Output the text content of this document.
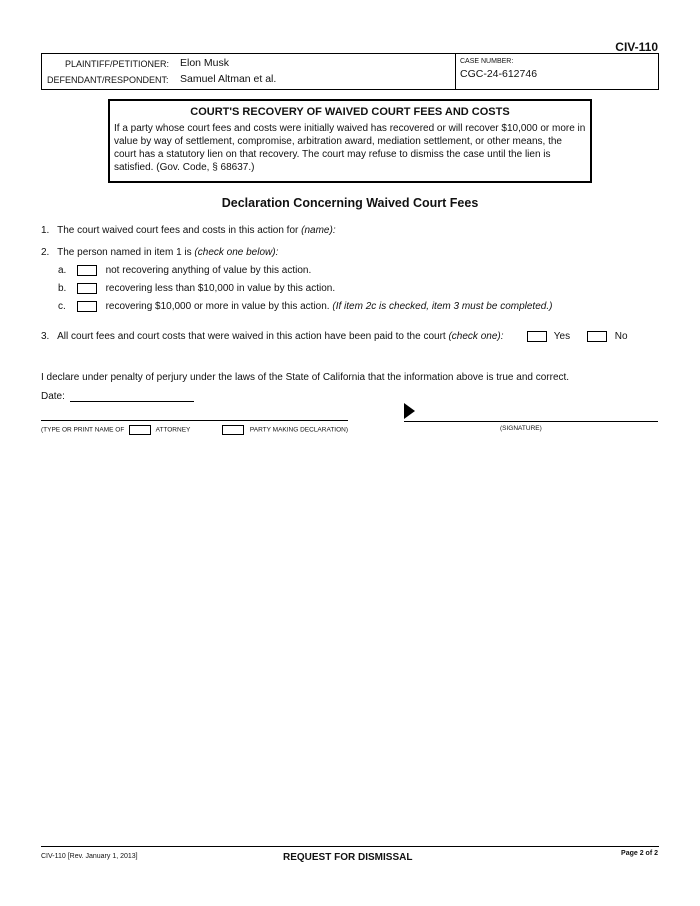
CIV-110
PLAINTIFF/PETITIONER: Elon Musk
DEFENDANT/RESPONDENT: Samuel Altman et al.
CASE NUMBER:
CGC-24-612746
COURT'S RECOVERY OF WAIVED COURT FEES AND COSTS
If a party whose court fees and costs were initially waived has recovered or will recover $10,000 or more in value by way of settlement, compromise, arbitration award, mediation settlement, or other means, the court has a statutory lien on that recovery. The court may refuse to dismiss the case until the lien is satisfied. (Gov. Code, § 68637.)
Declaration Concerning Waived Court Fees
1. The court waived court fees and costs in this action for (name):
2. The person named in item 1 is (check one below):
a.	not recovering anything of value by this action.
b.	recovering less than $10,000 in value by this action.
c.	recovering $10,000 or more in value by this action. (If item 2c is checked, item 3 must be completed.)
3. All court fees and court costs that were waived in this action have been paid to the court (check one):	Yes	No
I declare under penalty of perjury under the laws of the State of California that the information above is true and correct.
Date:
(TYPE OR PRINT NAME OF	ATTORNEY	PARTY MAKING DECLARATION)	(SIGNATURE)
CIV-110 [Rev. January 1, 2013]	REQUEST FOR DISMISSAL	Page 2 of 2
